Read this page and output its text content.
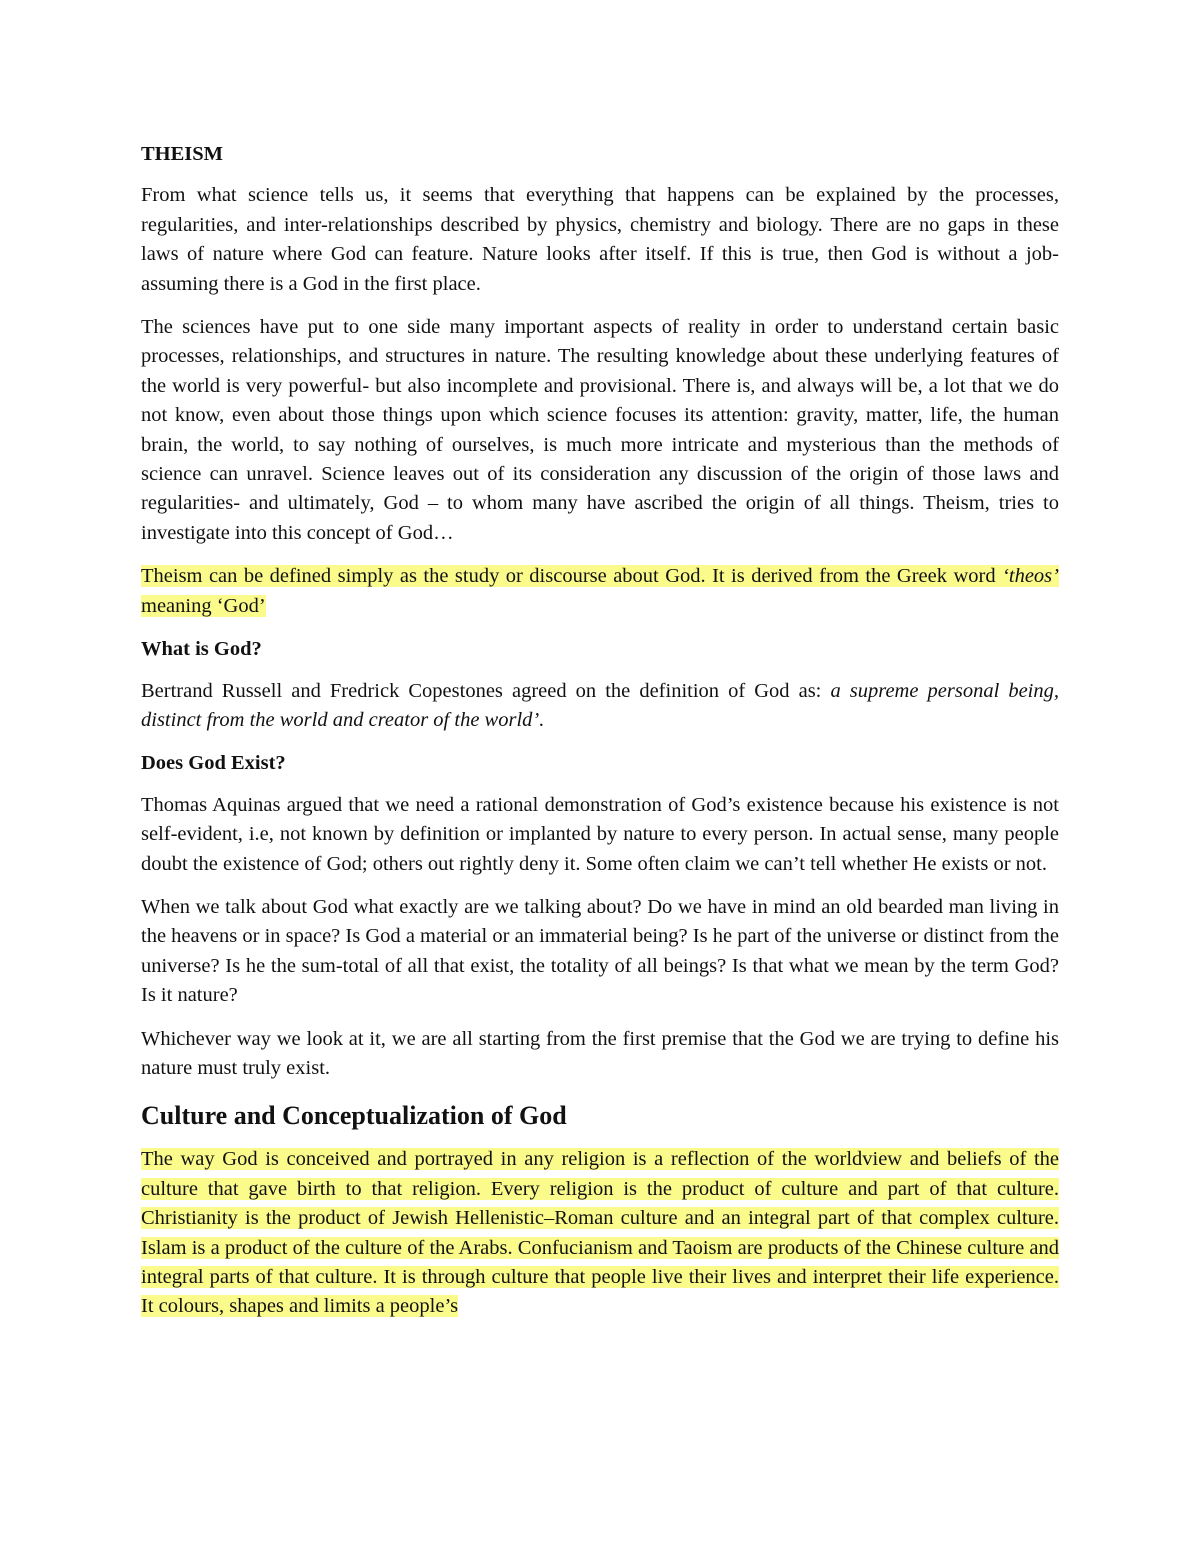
THEISM

From what science tells us, it seems that everything that happens can be explained by the processes, regularities, and inter-relationships described by physics, chemistry and biology. There are no gaps in these laws of nature where God can feature. Nature looks after itself. If this is true, then God is without a job-assuming there is a God in the first place.

The sciences have put to one side many important aspects of reality in order to understand certain basic processes, relationships, and structures in nature. The resulting knowledge about these underlying features of the world is very powerful- but also incomplete and provisional. There is, and always will be, a lot that we do not know, even about those things upon which science focuses its attention: gravity, matter, life, the human brain, the world, to say nothing of ourselves, is much more intricate and mysterious than the methods of science can unravel. Science leaves out of its consideration any discussion of the origin of those laws and regularities- and ultimately, God – to whom many have ascribed the origin of all things. Theism, tries to investigate into this concept of God…

Theism can be defined simply as the study or discourse about God. It is derived from the Greek word ‘theos’ meaning ‘God’

What is God?

Bertrand Russell and Fredrick Copestones agreed on the definition of God as: a supreme personal being, distinct from the world and creator of the world’.

Does God Exist?

Thomas Aquinas argued that we need a rational demonstration of God’s existence because his existence is not self-evident, i.e, not known by definition or implanted by nature to every person. In actual sense, many people doubt the existence of God; others out rightly deny it. Some often claim we can’t tell whether He exists or not.

When we talk about God what exactly are we talking about? Do we have in mind an old bearded man living in the heavens or in space? Is God a material or an immaterial being? Is he part of the universe or distinct from the universe? Is he the sum-total of all that exist, the totality of all beings? Is that what we mean by the term God? Is it nature?

Whichever way we look at it, we are all starting from the first premise that the God we are trying to define his nature must truly exist.

Culture and Conceptualization of God

The way God is conceived and portrayed in any religion is a reflection of the worldview and beliefs of the culture that gave birth to that religion. Every religion is the product of culture and part of that culture. Christianity is the product of Jewish Hellenistic–Roman culture and an integral part of that complex culture. Islam is a product of the culture of the Arabs. Confucianism and Taoism are products of the Chinese culture and integral parts of that culture. It is through culture that people live their lives and interpret their life experience. It colours, shapes and limits a people’s
